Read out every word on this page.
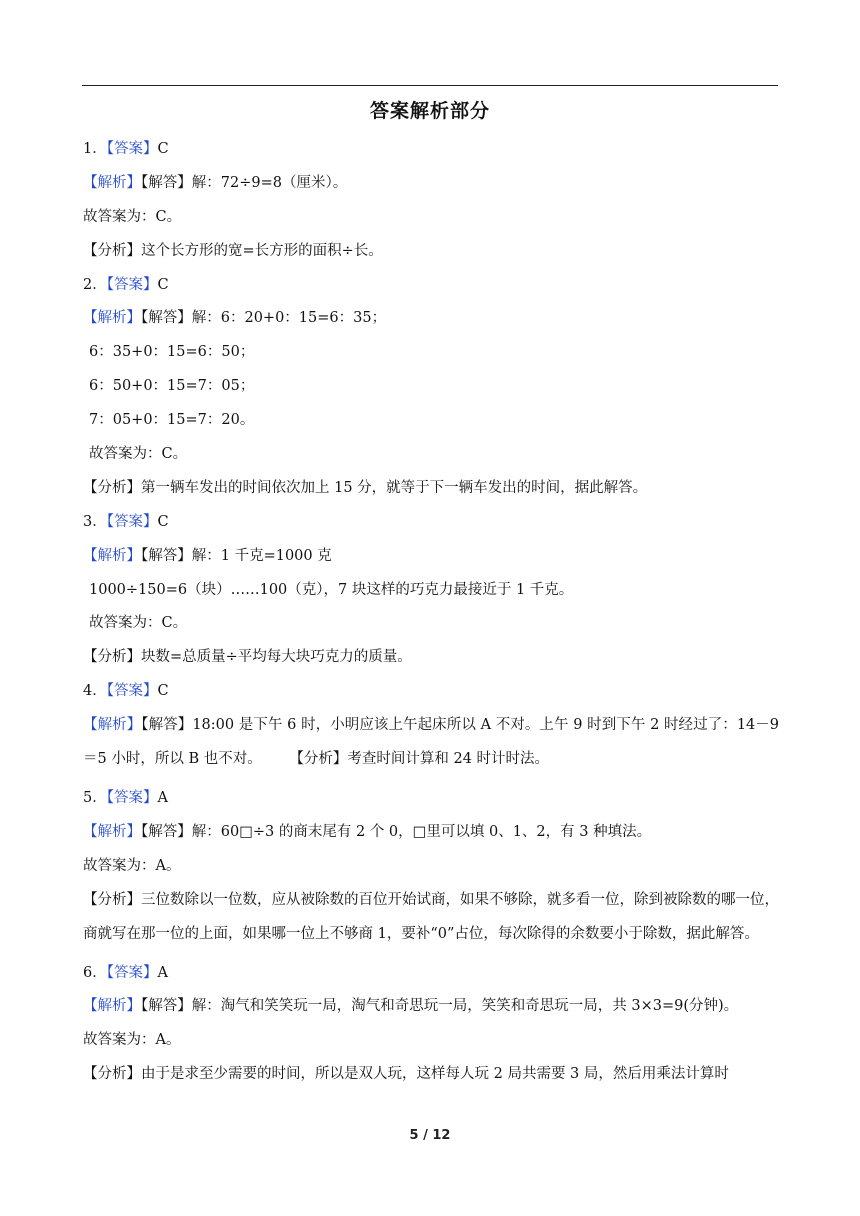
答案解析部分
1．【答案】C
【解析】【解答】解：72÷9=8（厘米）。
故答案为：C。
【分析】这个长方形的宽=长方形的面积÷长。
2．【答案】C
【解析】【解答】解：6：20+0：15=6：35；
6：35+0：15=6：50；
6：50+0：15=7：05；
7：05+0：15=7：20。
故答案为：C。
【分析】第一辆车发出的时间依次加上 15 分，就等于下一辆车发出的时间，据此解答。
3．【答案】C
【解析】【解答】解：1 千克=1000 克
1000÷150=6（块）……100（克），7 块这样的巧克力最接近于 1 千克。
故答案为：C。
【分析】块数=总质量÷平均每大块巧克力的质量。
4．【答案】C
【解析】【解答】18:00 是下午 6 时，小明应该上午起床所以 A 不对。上午 9 时到下午 2 时经过了：14－9＝5 小时，所以 B 也不对。 【分析】考查时间计算和 24 时计时法。
5．【答案】A
【解析】【解答】解：60□÷3 的商末尾有 2 个 0，□里可以填 0、1、2，有 3 种填法。
故答案为：A。
【分析】三位数除以一位数，应从被除数的百位开始试商，如果不够除，就多看一位，除到被除数的哪一位，商就写在那一位的上面，如果哪一位上不够商 1，要补“0”占位，每次除得的余数要小于除数，据此解答。
6．【答案】A
【解析】【解答】解：淘气和笑笑玩一局，淘气和奇思玩一局，笑笑和奇思玩一局，共 3×3=9(分钟)。
故答案为：A。
【分析】由于是求至少需要的时间，所以是双人玩，这样每人玩 2 局共需要 3 局，然后用乘法计算时
5 / 12
